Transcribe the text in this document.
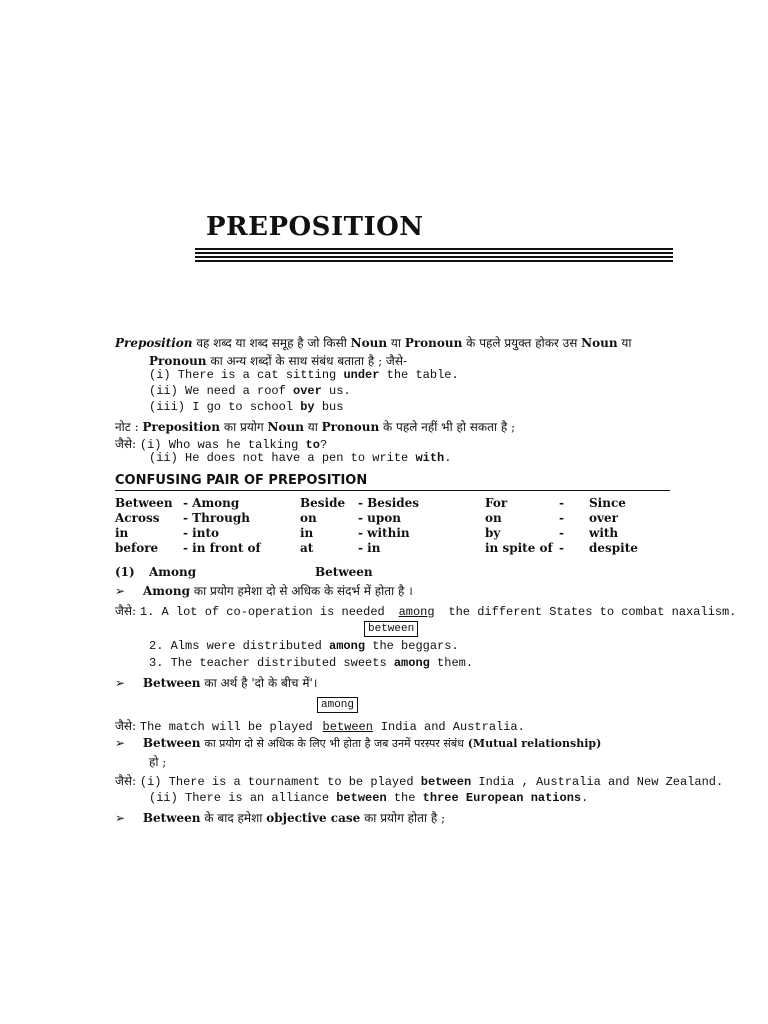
PREPOSITION
Preposition वह शब्द या शब्द समूह है जो किसी Noun या Pronoun के पहले प्रयुक्त होकर उस Noun या
Pronoun का अन्य शब्दों के साथ संबंध बताता है ; जैसे-
(i) There is a cat sitting under the table.
(ii) We need a roof over us.
(iii) I go to school by bus
नोट : Preposition का प्रयोग Noun या Pronoun के पहले नहीं भी हो सकता है ;
जैसे: (i) Who was he talking to?
(ii) He does not have a pen to write with.
CONFUSING PAIR OF PREPOSITION
Between - Among	Beside - Besides	For	- Since
Across - Through	on	- upon	on	- over
in	- into	in	- within	by	- with
before - in front of	at	- in	in spite of - despite
(1) Among	Between
➢ Among का प्रयोग हमेशा दो से अधिक के संदर्भ में होता है ।
जैसे: 1. A lot of co-operation is needed among the different States to combat naxalism.
between
2. Alms were distributed among the beggars.
3. The teacher distributed sweets among them.
➢ Between का अर्थ है 'दो के बीच में'।
among
जैसे: The match will be played between India and Australia.
➢ Between का प्रयोग दो से अधिक के लिए भी होता है जब उनमें परस्पर संबंध (Mutual relationship)
हो ;
जैसे: (i) There is a tournament to be played between India , Australia and New Zealand.
(ii) There is an alliance between the three European nations.
➢ Between के बाद हमेशा objective case का प्रयोग होता है ;
